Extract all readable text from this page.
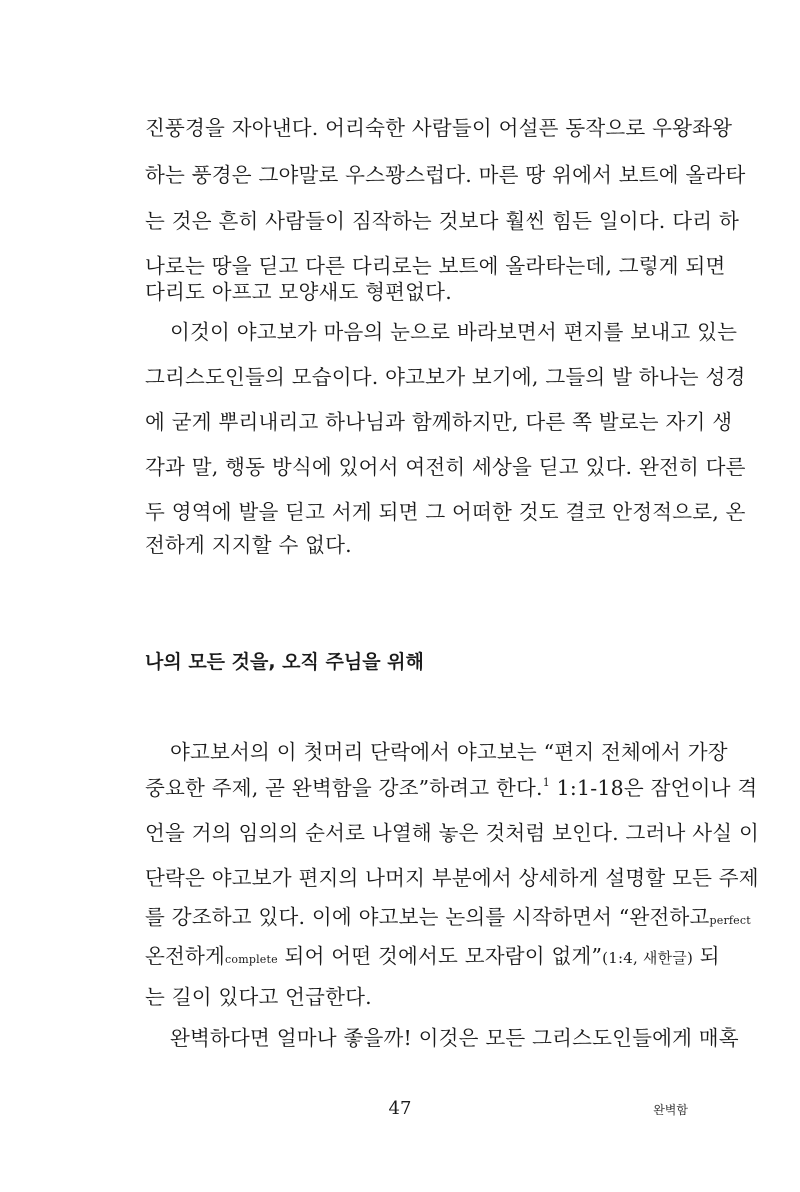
진풍경을 자아낸다. 어리숙한 사람들이 어설픈 동작으로 우왕좌왕
하는 풍경은 그야말로 우스꽝스럽다. 마른 땅 위에서 보트에 올라타
는 것은 흔히 사람들이 짐작하는 것보다 훨씬 힘든 일이다. 다리 하
나로는 땅을 딛고 다른 다리로는 보트에 올라타는데, 그렇게 되면
다리도 아프고 모양새도 형편없다.
이것이 야고보가 마음의 눈으로 바라보면서 편지를 보내고 있는
그리스도인들의 모습이다. 야고보가 보기에, 그들의 발 하나는 성경
에 굳게 뿌리내리고 하나님과 함께하지만, 다른 쪽 발로는 자기 생
각과 말, 행동 방식에 있어서 여전히 세상을 딛고 있다. 완전히 다른
두 영역에 발을 딛고 서게 되면 그 어떠한 것도 결코 안정적으로, 온
전하게 지지할 수 없다.
나의 모든 것을, 오직 주님을 위해
야고보서의 이 첫머리 단락에서 야고보는 “편지 전체에서 가장
중요한 주제, 곧 완벽함을 강조”하려고 한다.$^1$ 1:1-18은 잠언이나 격
언을 거의 임의의 순서로 나열해 놓은 것처럼 보인다. 그러나 사실 이
단락은 야고보가 편지의 나머지 부분에서 상세하게 설명할 모든 주제
를 강조하고 있다. 이에 야고보는 논의를 시작하면서 “완전하고perfect
온전하게complete 되어 어떤 것에서도 모자람이 없게”(1:4, 새한글) 되
는 길이 있다고 언급한다.
완벽하다면 얼마나 좋을까! 이것은 모든 그리스도인들에게 매혹
47	완벽함
